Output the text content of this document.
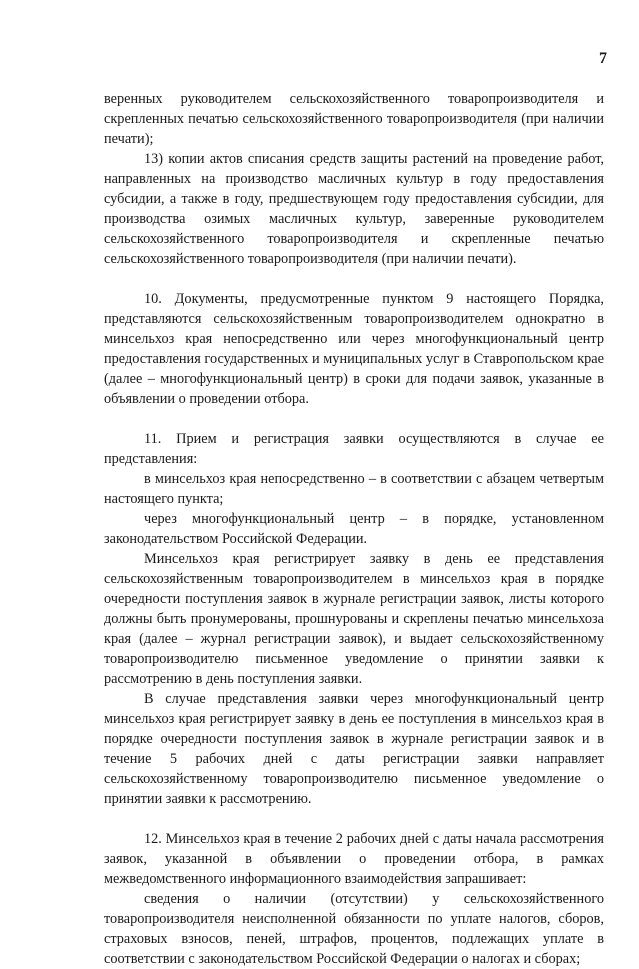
7

веренных руководителем сельскохозяйственного товаропроизводителя и скрепленных печатью сельскохозяйственного товаропроизводителя (при наличии печати);

13) копии актов списания средств защиты растений на проведение работ, направленных на производство масличных культур в году предоставления субсидии, а также в году, предшествующем году предоставления субсидии, для производства озимых масличных культур, заверенные руководителем сельскохозяйственного товаропроизводителя и скрепленные печатью сельскохозяйственного товаропроизводителя (при наличии печати).

10. Документы, предусмотренные пунктом 9 настоящего Порядка, представляются сельскохозяйственным товаропроизводителем однократно в минсельхоз края непосредственно или через многофункциональный центр предоставления государственных и муниципальных услуг в Ставропольском крае (далее – многофункциональный центр) в сроки для подачи заявок, указанные в объявлении о проведении отбора.

11. Прием и регистрация заявки осуществляются в случае ее представления:

в минсельхоз края непосредственно – в соответствии с абзацем четвертым настоящего пункта;

через многофункциональный центр – в порядке, установленном законодательством Российской Федерации.

Минсельхоз края регистрирует заявку в день ее представления сельскохозяйственным товаропроизводителем в минсельхоз края в порядке очередности поступления заявок в журнале регистрации заявок, листы которого должны быть пронумерованы, прошнурованы и скреплены печатью минсельхоза края (далее – журнал регистрации заявок), и выдает сельскохозяйственному товаропроизводителю письменное уведомление о принятии заявки к рассмотрению в день поступления заявки.

В случае представления заявки через многофункциональный центр минсельхоз края регистрирует заявку в день ее поступления в минсельхоз края в порядке очередности поступления заявок в журнале регистрации заявок и в течение 5 рабочих дней с даты регистрации заявки направляет сельскохозяйственному товаропроизводителю письменное уведомление о принятии заявки к рассмотрению.

12. Минсельхоз края в течение 2 рабочих дней с даты начала рассмотрения заявок, указанной в объявлении о проведении отбора, в рамках межведомственного информационного взаимодействия запрашивает:

сведения о наличии (отсутствии) у сельскохозяйственного товаропроизводителя неисполненной обязанности по уплате налогов, сборов, страховых взносов, пеней, штрафов, процентов, подлежащих уплате в соответствии с законодательством Российской Федерации о налогах и сборах;
